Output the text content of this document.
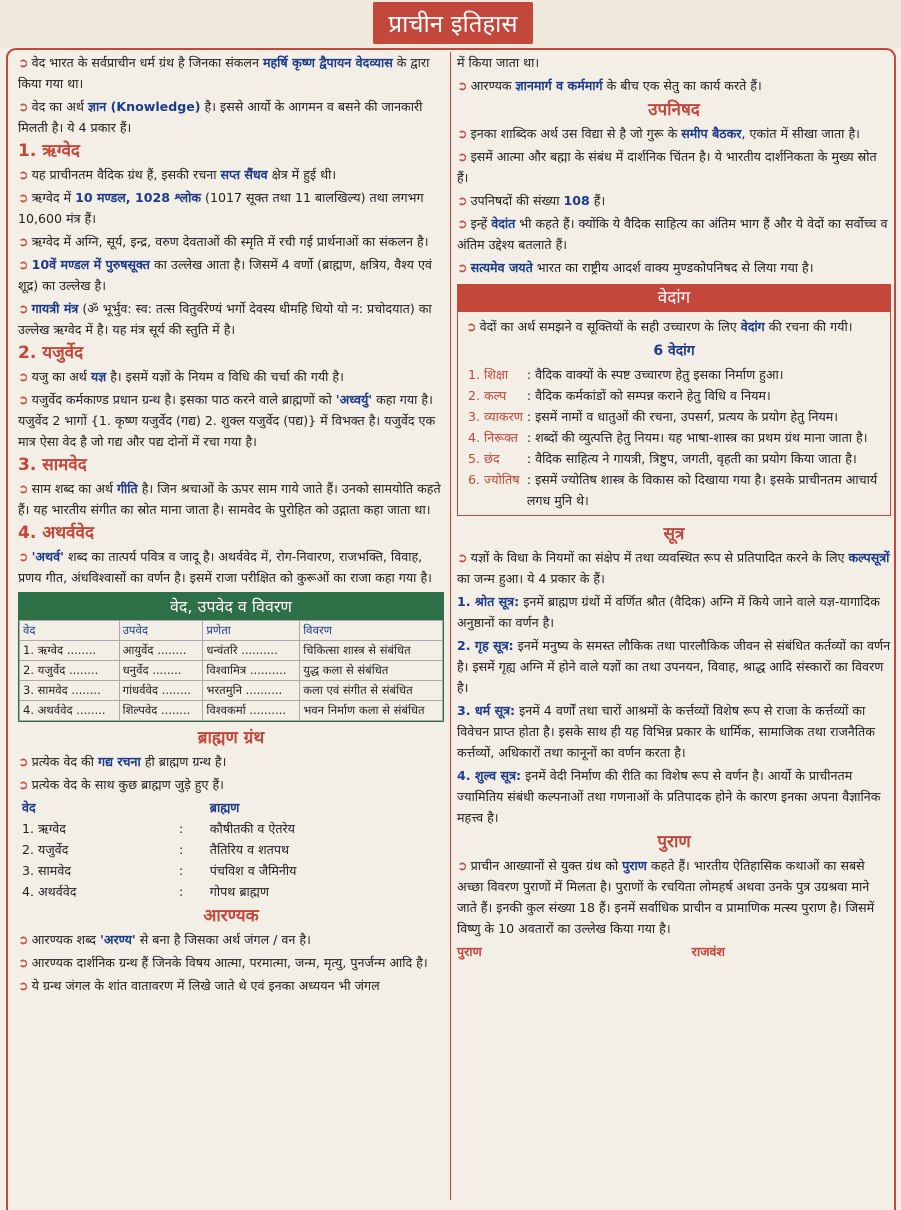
प्राचीन इतिहास

➲ वेद भारत के सर्वप्राचीन धर्म ग्रंथ है जिनका संकलन महर्षि कृष्ण द्वैपायन वेदव्यास के द्वारा किया गया था।

➲ वेद का अर्थ ज्ञान (Knowledge) है। इससे आर्यो के आगमन व बसने की जानकारी मिलती है। ये 4 प्रकार हैं।

1. ऋग्वेद

➲ यह प्राचीनतम वैदिक ग्रंथ हैं, इसकी रचना सप्त सैंधव क्षेत्र में हुई थी।

➲ ऋग्वेद में 10 मण्डल, 1028 श्लोक (1017 सूक्त तथा 11 बालखिल्य) तथा लगभग 10,600 मंत्र हैं।

➲ ऋग्वेद में अग्नि, सूर्य, इन्द्र, वरुण देवताओं की स्मृति में रची गई प्रार्थनाओं का संकलन है।

➲ 10वें मण्डल में पुरुषसूक्त का उल्लेख आता है। जिसमें 4 वर्णो (ब्राह्मण, क्षत्रिय, वैश्य एवं शूद्र) का उल्लेख है।

➲ गायत्री मंत्र (ॐ भूर्भुव: स्व: तत्स वितुर्वरेण्यं भर्गो देवस्य धीमहि धियो यो न: प्रचोदयात) का उल्लेख ऋग्वेद में है। यह मंत्र सूर्य की स्तुति में है।

2. यजुर्वेद

➲ यजु का अर्थ यज्ञ है। इसमें यज्ञों के नियम व विधि की चर्चा की गयी है।

➲ यजुर्वेद कर्मकाण्ड प्रधान ग्रन्थ है। इसका पाठ करने वाले ब्राह्मणों को 'अध्वर्यु' कहा गया है। यजुर्वेद 2 भागों {1. कृष्ण यजुर्वेद (गद्य) 2. शुक्ल यजुर्वेद (पद्य)} में विभक्त है। यजुर्वेद एक मात्र ऐसा वेद है जो गद्य और पद्य दोनों में रचा गया है।

3. सामवेद

➲ साम शब्द का अर्थ गीति है। जिन श्रचाओं के ऊपर साम गाये जाते हैं। उनको सामयोति कहते हैं। यह भारतीय संगीत का स्रोत माना जाता है। सामवेद के पुरोहित को उद्गाता कहा जाता था।

4. अथर्ववेद

➲ 'अथर्व' शब्द का तात्पर्य पवित्र व जादू है। अथर्ववेद में, रोग-निवारण, राजभक्ति, विवाह, प्रणय गीत, अंधविश्वासों का वर्णन है। इसमें राजा परीक्षित को कुरूओं का राजा कहा गया है।

वेद, उपवेद व विवरण
वेद	उपवेद	प्रणेता	विवरण
1. ऋग्वेद ........	आयुर्वेद ........	धन्वंतरि ..........	चिकित्सा शास्त्र से संबंधित
2. यजुर्वेद ........	धनुर्वेद ........	विश्वामित्र ..........	युद्ध कला से संबंधित
3. सामवेद ........	गांधर्ववेद ........	भरतमुनि ..........	कला एवं संगीत से संबंधित
4. अथर्ववेद ........	शिल्पवेद ........	विश्वकर्मा ..........	भवन निर्माण कला से संबंधित
ब्राह्मण ग्रंथ

➲ प्रत्येक वेद की गद्य रचना ही ब्राह्मण ग्रन्थ है।

➲ प्रत्येक वेद के साथ कुछ ब्राह्मण जुड़े हुए हैं।

वेद		ब्राह्मण
1. ऋग्वेद	:	कौषीतकी व ऐतरेय
2. यजुर्वेद	:	तैतिरिय व शतपथ
3. सामवेद	:	पंचविश व जैमिनीय
4. अथर्ववेद	:	गोपथ ब्राह्मण
आरण्यक

➲ आरण्यक शब्द 'अरण्य' से बना है जिसका अर्थ जंगल / वन है।

➲ आरण्यक दार्शनिक ग्रन्थ हैं जिनके विषय आत्मा, परमात्मा, जन्म, मृत्यु, पुनर्जन्म आदि है।

➲ ये ग्रन्थ जंगल के शांत वातावरण में लिखे जाते थे एवं इनका अध्ययन भी जंगल

में किया जाता था।

➲ आरण्यक ज्ञानमार्ग व कर्ममार्ग के बीच एक सेतु का कार्य करते हैं।

उपनिषद

➲ इनका शाब्दिक अर्थ उस विद्या से है जो गुरू के समीप बैठकर, एकांत में सीखा जाता है।

➲ इसमें आत्मा और बह्मा के संबंध में दार्शनिक चिंतन है। ये भारतीय दार्शनिकता के मुख्य स्रोत हैं।

➲ उपनिषदों की संख्या 108 हैं।

➲ इन्हें वेदांत भी कहते हैं। क्योंकि ये वैदिक साहित्य का अंतिम भाग हैं और ये वेदों का सर्वोच्च व अंतिम उद्देश्य बतलाते हैं।

➲ सत्यमेव जयते भारत का राष्ट्रीय आदर्श वाक्य मुण्डकोपनिषद से लिया गया है।

वेदांग

➲ वेदों का अर्थ समझने व सूक्तियों के सही उच्चारण के लिए वेदांग की रचना की गयी।

6 वेदांग
1. शिक्षा	: वैदिक वाक्यों के स्पष्ट उच्चारण हेतु इसका निर्माण हुआ।
2. कल्प	: वैदिक कर्मकांडों को सम्पन्न कराने हेतु विधि व नियम।
3. व्याकरण	: इसमें नामों व धातुओं की रचना, उपसर्ग, प्रत्यय के प्रयोग हेतु नियम।
4. निरूक्त	: शब्दों की व्युत्पत्ति हेतु नियम। यह भाषा-शास्त्र का प्रथम ग्रंथ माना जाता है।
5. छंद	: वैदिक साहित्य ने गायत्री, त्रिष्टुप, जगती, वृहती का प्रयोग किया जाता है।
6. ज्योतिष	: इसमें ज्योतिष शास्त्र के विकास को दिखाया गया है। इसके प्राचीनतम आचार्य लगध मुनि थे।
सूत्र

➲ यज्ञों के विधा के नियमों का संक्षेप में तथा व्यवस्थित रूप से प्रतिपादित करने के लिए कल्पसूत्रों का जन्म हुआ। ये 4 प्रकार के हैं।

1. श्रोत सूत्र: इनमें ब्राह्मण ग्रंथों में वर्णित श्रौत (वैदिक) अग्नि में किये जाने वाले यज्ञ-यागादिक अनुष्ठानों का वर्णन है।

2. गृह सूत्र: इनमें मनुष्य के समस्त लौकिक तथा पारलौकिक जीवन से संबंधित कर्तव्यों का वर्णन है। इसमें गृह्य अग्नि में होने वाले यज्ञों का तथा उपनयन, विवाह, श्राद्ध आदि संस्कारों का विवरण है।

3. धर्म सूत्र: इनमें 4 वर्णों तथा चारों आश्रमों के कर्त्तव्यों विशेष रूप से राजा के कर्त्तव्यों का विवेचन प्राप्त होता है। इसके साथ ही यह विभिन्न प्रकार के धार्मिक, सामाजिक तथा राजनैतिक कर्त्तव्यों, अधिकारों तथा कानूनों का वर्णन करता है।

4. शुल्व सूत्र: इनमें वेदी निर्माण की रीति का विशेष रूप से वर्णन है। आर्यो के प्राचीनतम ज्यामितिय संबंधी कल्पनाओं तथा गणनाओं के प्रतिपादक होने के कारण इनका अपना वैज्ञानिक महत्त्व है।

पुराण

➲ प्राचीन आख्यानों से युक्त ग्रंथ को पुराण कहते हैं। भारतीय ऐतिहासिक कथाओं का सबसे अच्छा विवरण पुराणों में मिलता है। पुराणों के रचयिता लोमहर्ष अथवा उनके पुत्र उग्रश्रवा माने जाते हैं। इनकी कुल संख्या 18 हैं। इनमें सर्वाधिक प्राचीन व प्रामाणिक मत्स्य पुराण है। जिसमें विष्णु के 10 अवतारों का उल्लेख किया गया है।

पुराण	राजवंश
